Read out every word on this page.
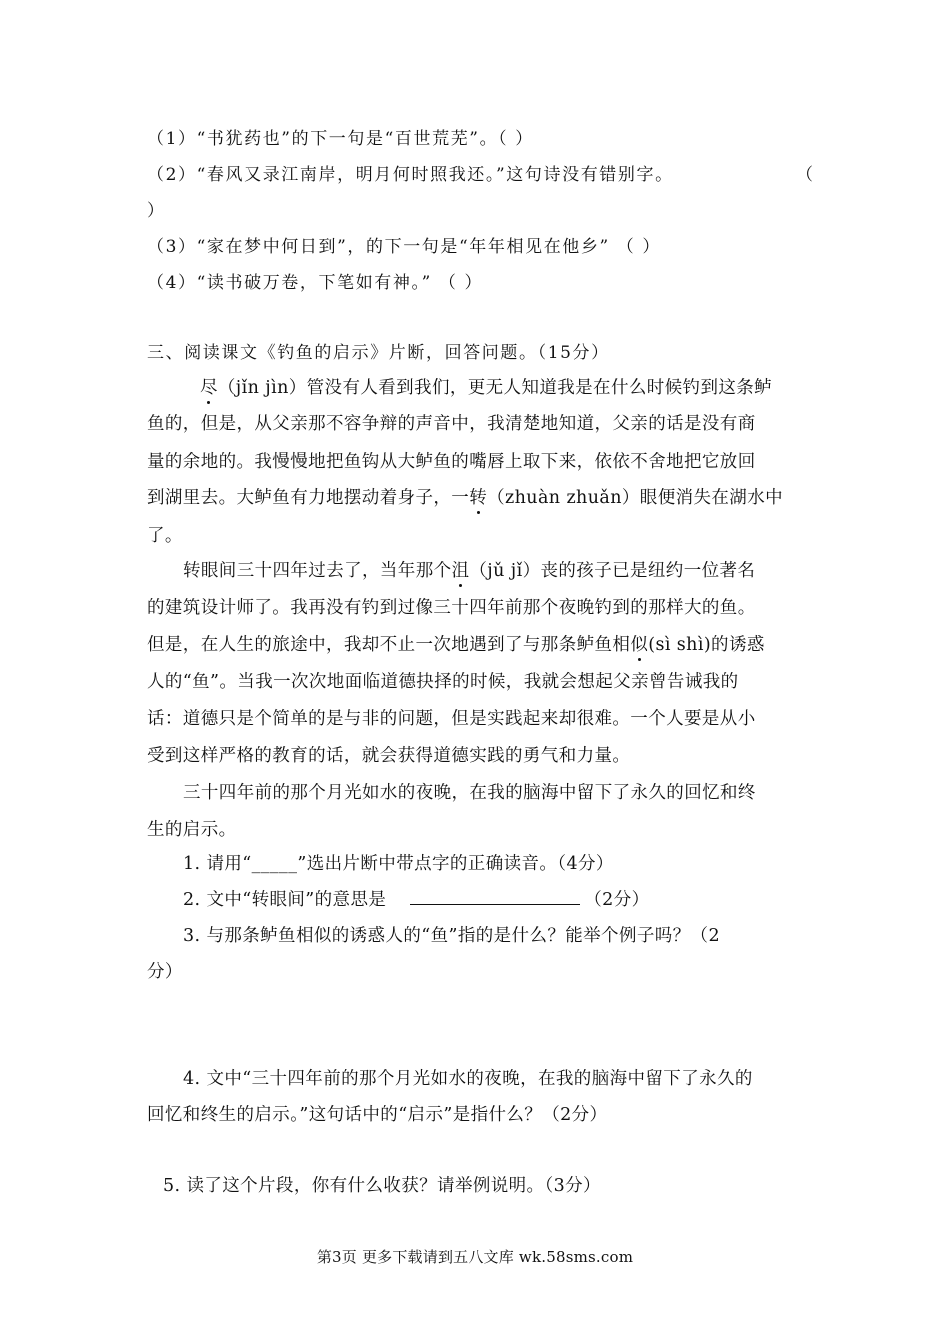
（1）“书犹药也”的下一句是“百世荒芜”。（ ）

（2）“春风又录江南岸，明月何时照我还。”这句诗没有错别字。	（

）

（3）“家在梦中何日到”，的下一句是“年年相见在他乡” （ ）

（4）“读书破万卷，下笔如有神。” （ ）

三、阅读课文《钓鱼的启示》片断，回答问题。（15分）

尽（jǐn jìn）管没有人看到我们，更无人知道我是在什么时候钓到这条鲈

鱼的，但是，从父亲那不容争辩的声音中，我清楚地知道，父亲的话是没有商

量的余地的。我慢慢地把鱼钩从大鲈鱼的嘴唇上取下来，依依不舍地把它放回

到湖里去。大鲈鱼有力地摆动着身子，一转（zhuàn zhuǎn）眼便消失在湖水中

了。

转眼间三十四年过去了，当年那个沮（jǔ jǐ）丧的孩子已是纽约一位著名

的建筑设计师了。我再没有钓到过像三十四年前那个夜晚钓到的那样大的鱼。

但是，在人生的旅途中，我却不止一次地遇到了与那条鲈鱼相似(sì shì)的诱惑

人的“鱼”。当我一次次地面临道德抉择的时候，我就会想起父亲曾告诫我的

话：道德只是个简单的是与非的问题，但是实践起来却很难。一个人要是从小

受到这样严格的教育的话，就会获得道德实践的勇气和力量。

三十四年前的那个月光如水的夜晚，在我的脑海中留下了永久的回忆和终

生的启示。

1. 请用“_____”选出片断中带点字的正确读音。（4分）

2. 文中“转眼间”的意思是	（2分）

3. 与那条鲈鱼相似的诱惑人的“鱼”指的是什么？能举个例子吗？（2

分）

4. 文中“三十四年前的那个月光如水的夜晚，在我的脑海中留下了永久的

回忆和终生的启示。”这句话中的“启示”是指什么？（2分）

5. 读了这个片段，你有什么收获？请举例说明。（3分）

第3页 更多下载请到五八文库 wk.58sms.com
